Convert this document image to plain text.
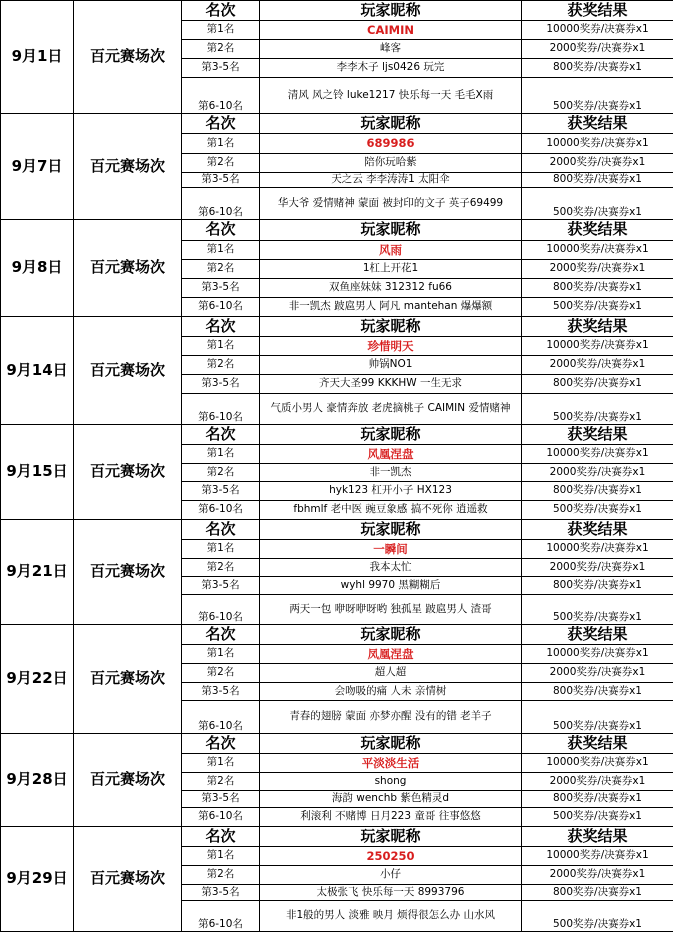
9月1日	百元赛场次	名次	玩家昵称	获奖结果
		第1名	CAIMIN	10000奖券/决赛券x1
		第2名	峰客	2000奖券/决赛券x1
		第3-5名	李李木子 ljs0426 玩完	800奖券/决赛券x1
		第6-10名	清风 风之铃 luke1217 快乐每一天 毛毛X雨	500奖券/决赛券x1
9月7日	百元赛场次	名次	玩家昵称	获奖结果
		第1名	689986	10000奖券/决赛券x1
		第2名	陪你玩哈紫	2000奖券/决赛券x1
		第3-5名	天之云 李李涛涛1 太阳伞	800奖券/决赛券x1
		第6-10名	华大爷 爱情赌神 蒙面 被封印的文子 英子69499	500奖券/决赛券x1
9月8日	百元赛场次	名次	玩家昵称	获奖结果
		第1名	风雨	10000奖券/决赛券x1
		第2名	1杠上开花1	2000奖券/决赛券x1
		第3-5名	双鱼座妹妹 312312 fu66	800奖券/决赛券x1
		第6-10名	非一凯杰 跛扈男人 阿凡 mantehan 爆爆额	500奖券/决赛券x1
9月14日	百元赛场次	名次	玩家昵称	获奖结果
		第1名	珍惜明天	10000奖券/决赛券x1
		第2名	帅锅NO1	2000奖券/决赛券x1
		第3-5名	齐天大圣99 KKKHW 一生无求	800奖券/决赛券x1
		第6-10名	气质小男人 豪情奔放 老虎摘桃子 CAIMIN 爱情赌神	500奖券/决赛券x1
9月15日	百元赛场次	名次	玩家昵称	获奖结果
		第1名	风凰涅盘	10000奖券/决赛券x1
		第2名	非一凯杰	2000奖券/决赛券x1
		第3-5名	hyk123 杠开小子 HX123	800奖券/决赛券x1
		第6-10名	fbhmlf 老中医 豌豆象感 搞不死你 逍遥救	500奖券/决赛券x1
9月21日	百元赛场次	名次	玩家昵称	获奖结果
		第1名	一瞬间	10000奖券/决赛券x1
		第2名	我本太忙	2000奖券/决赛券x1
		第3-5名	wyhl 9970 黑糊糊后	800奖券/决赛券x1
		第6-10名	两天一包 咿呀咿呀哟 独孤星 跛扈男人 渣哥	500奖券/决赛券x1
9月22日	百元赛场次	名次	玩家昵称	获奖结果
		第1名	凤凰涅盘	10000奖券/决赛券x1
		第2名	超人超	2000奖券/决赛券x1
		第3-5名	会吻吸的痛 人未 亲情树	800奖券/决赛券x1
		第6-10名	青春的翅膀 蒙面 亦梦亦醒 没有的错 老羊子	500奖券/决赛券x1
9月28日	百元赛场次	名次	玩家昵称	获奖结果
		第1名	平淡淡生活	10000奖券/决赛券x1
		第2名	shong	2000奖券/决赛券x1
		第3-5名	海韵 wenchb 紫色精灵d	800奖券/决赛券x1
		第6-10名	利滚利 不赌博 日月223 童哥 往事悠悠	500奖券/决赛券x1
9月29日	百元赛场次	名次	玩家昵称	获奖结果
		第1名	250250	10000奖券/决赛券x1
		第2名	小仔	2000奖券/决赛券x1
		第3-5名	太极张飞 快乐每一天 8993796	800奖券/决赛券x1
		第6-10名	非1般的男人 淡雅 映月 烦得很怎么办 山水风	500奖券/决赛券x1
